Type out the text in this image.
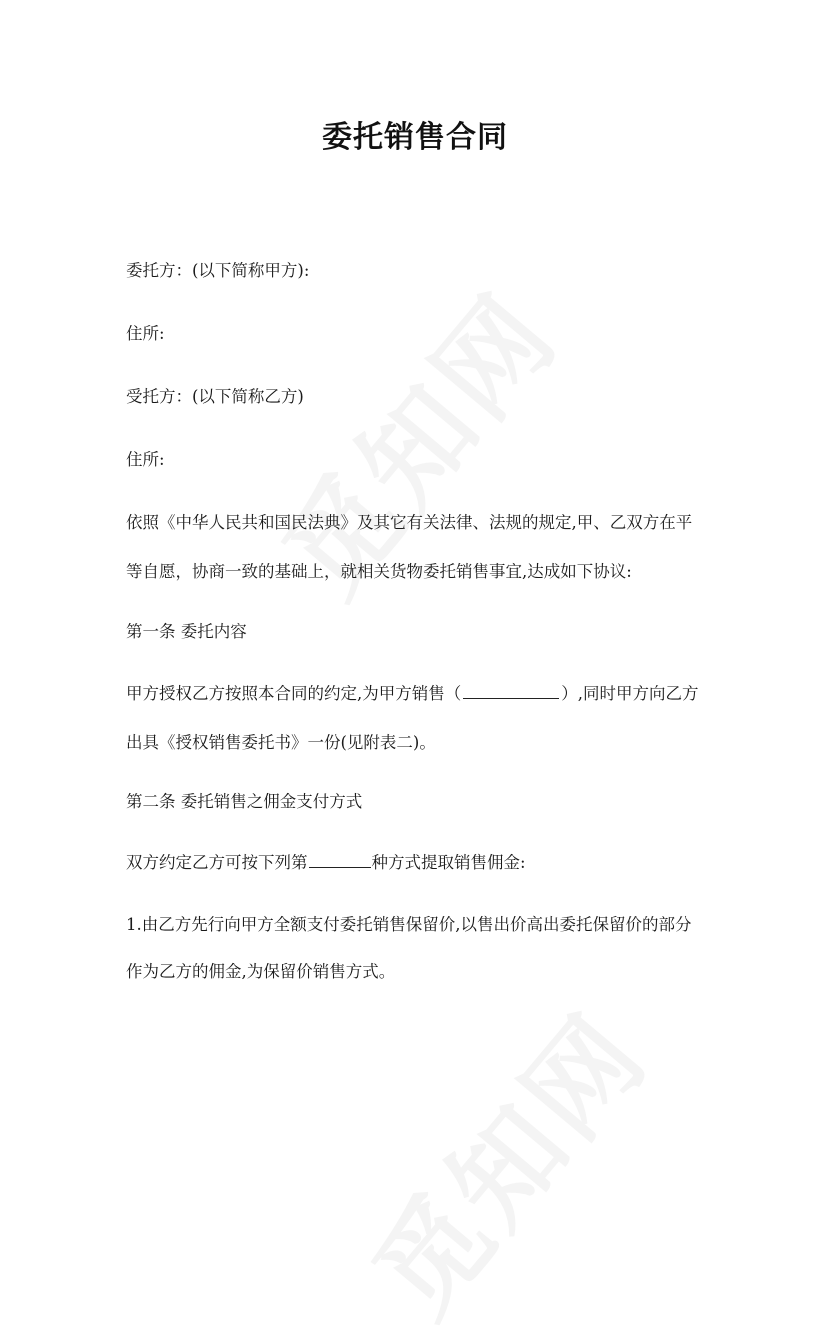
委托销售合同
委托方：(以下简称甲方):
住所:
受托方：(以下简称乙方)
住所:
依照《中华人民共和国民法典》及其它有关法律、法规的规定,甲、乙双方在平
等自愿，协商一致的基础上，就相关货物委托销售事宜,达成如下协议:
第一条 委托内容
甲方授权乙方按照本合同的约定,为甲方销售（	）,同时甲方向乙方
出具《授权销售委托书》一份(见附表二)。
第二条 委托销售之佣金支付方式
双方约定乙方可按下列第	种方式提取销售佣金:
1.由乙方先行向甲方全额支付委托销售保留价,以售出价高出委托保留价的部分
作为乙方的佣金,为保留价销售方式。
